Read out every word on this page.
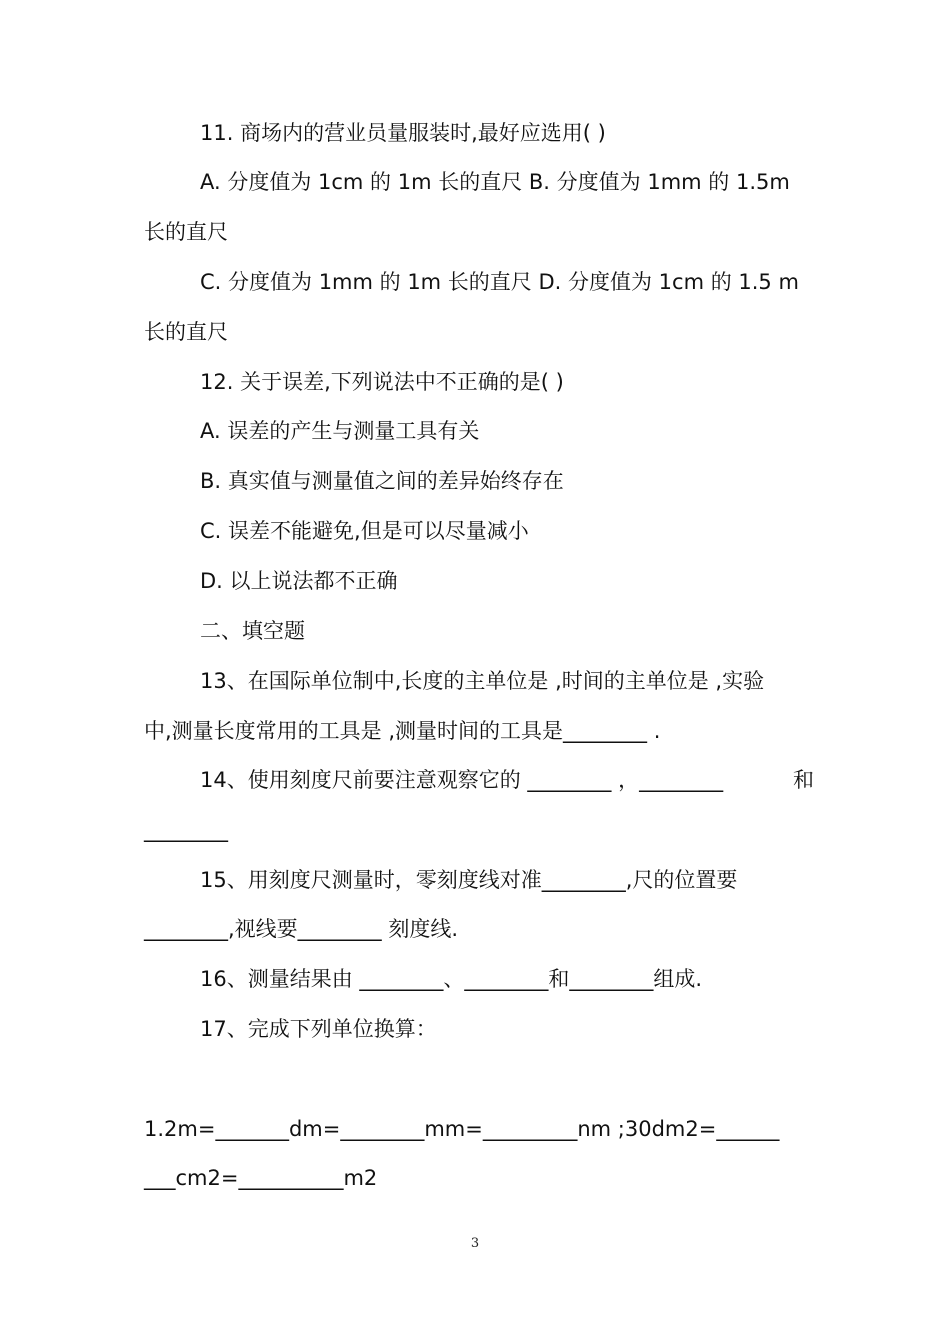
11. 商场内的营业员量服装时,最好应选用( )
A. 分度值为 1cm 的 1m 长的直尺 B. 分度值为 1mm 的 1.5m
长的直尺
C. 分度值为 1mm 的 1m 长的直尺 D. 分度值为 1cm 的 1.5 m
长的直尺
12. 关于误差,下列说法中不正确的是( )
A. 误差的产生与测量工具有关
B. 真实值与测量值之间的差异始终存在
C. 误差不能避免,但是可以尽量减小
D. 以上说法都不正确
二、填空题
13、在国际单位制中,长度的主单位是 ,时间的主单位是 ,实验
中,测量长度常用的工具是 ,测量时间的工具是________ .
14、使用刻度尺前要注意观察它的 ________ ，________	和
________
15、用刻度尺测量时，零刻度线对准________,尺的位置要
________,视线要________ 刻度线.
16、测量结果由 ________、________和________组成.
17、完成下列单位换算：
1.2m=_______dm=________mm=_________nm ;30dm2=______
___cm2=__________m2
3
